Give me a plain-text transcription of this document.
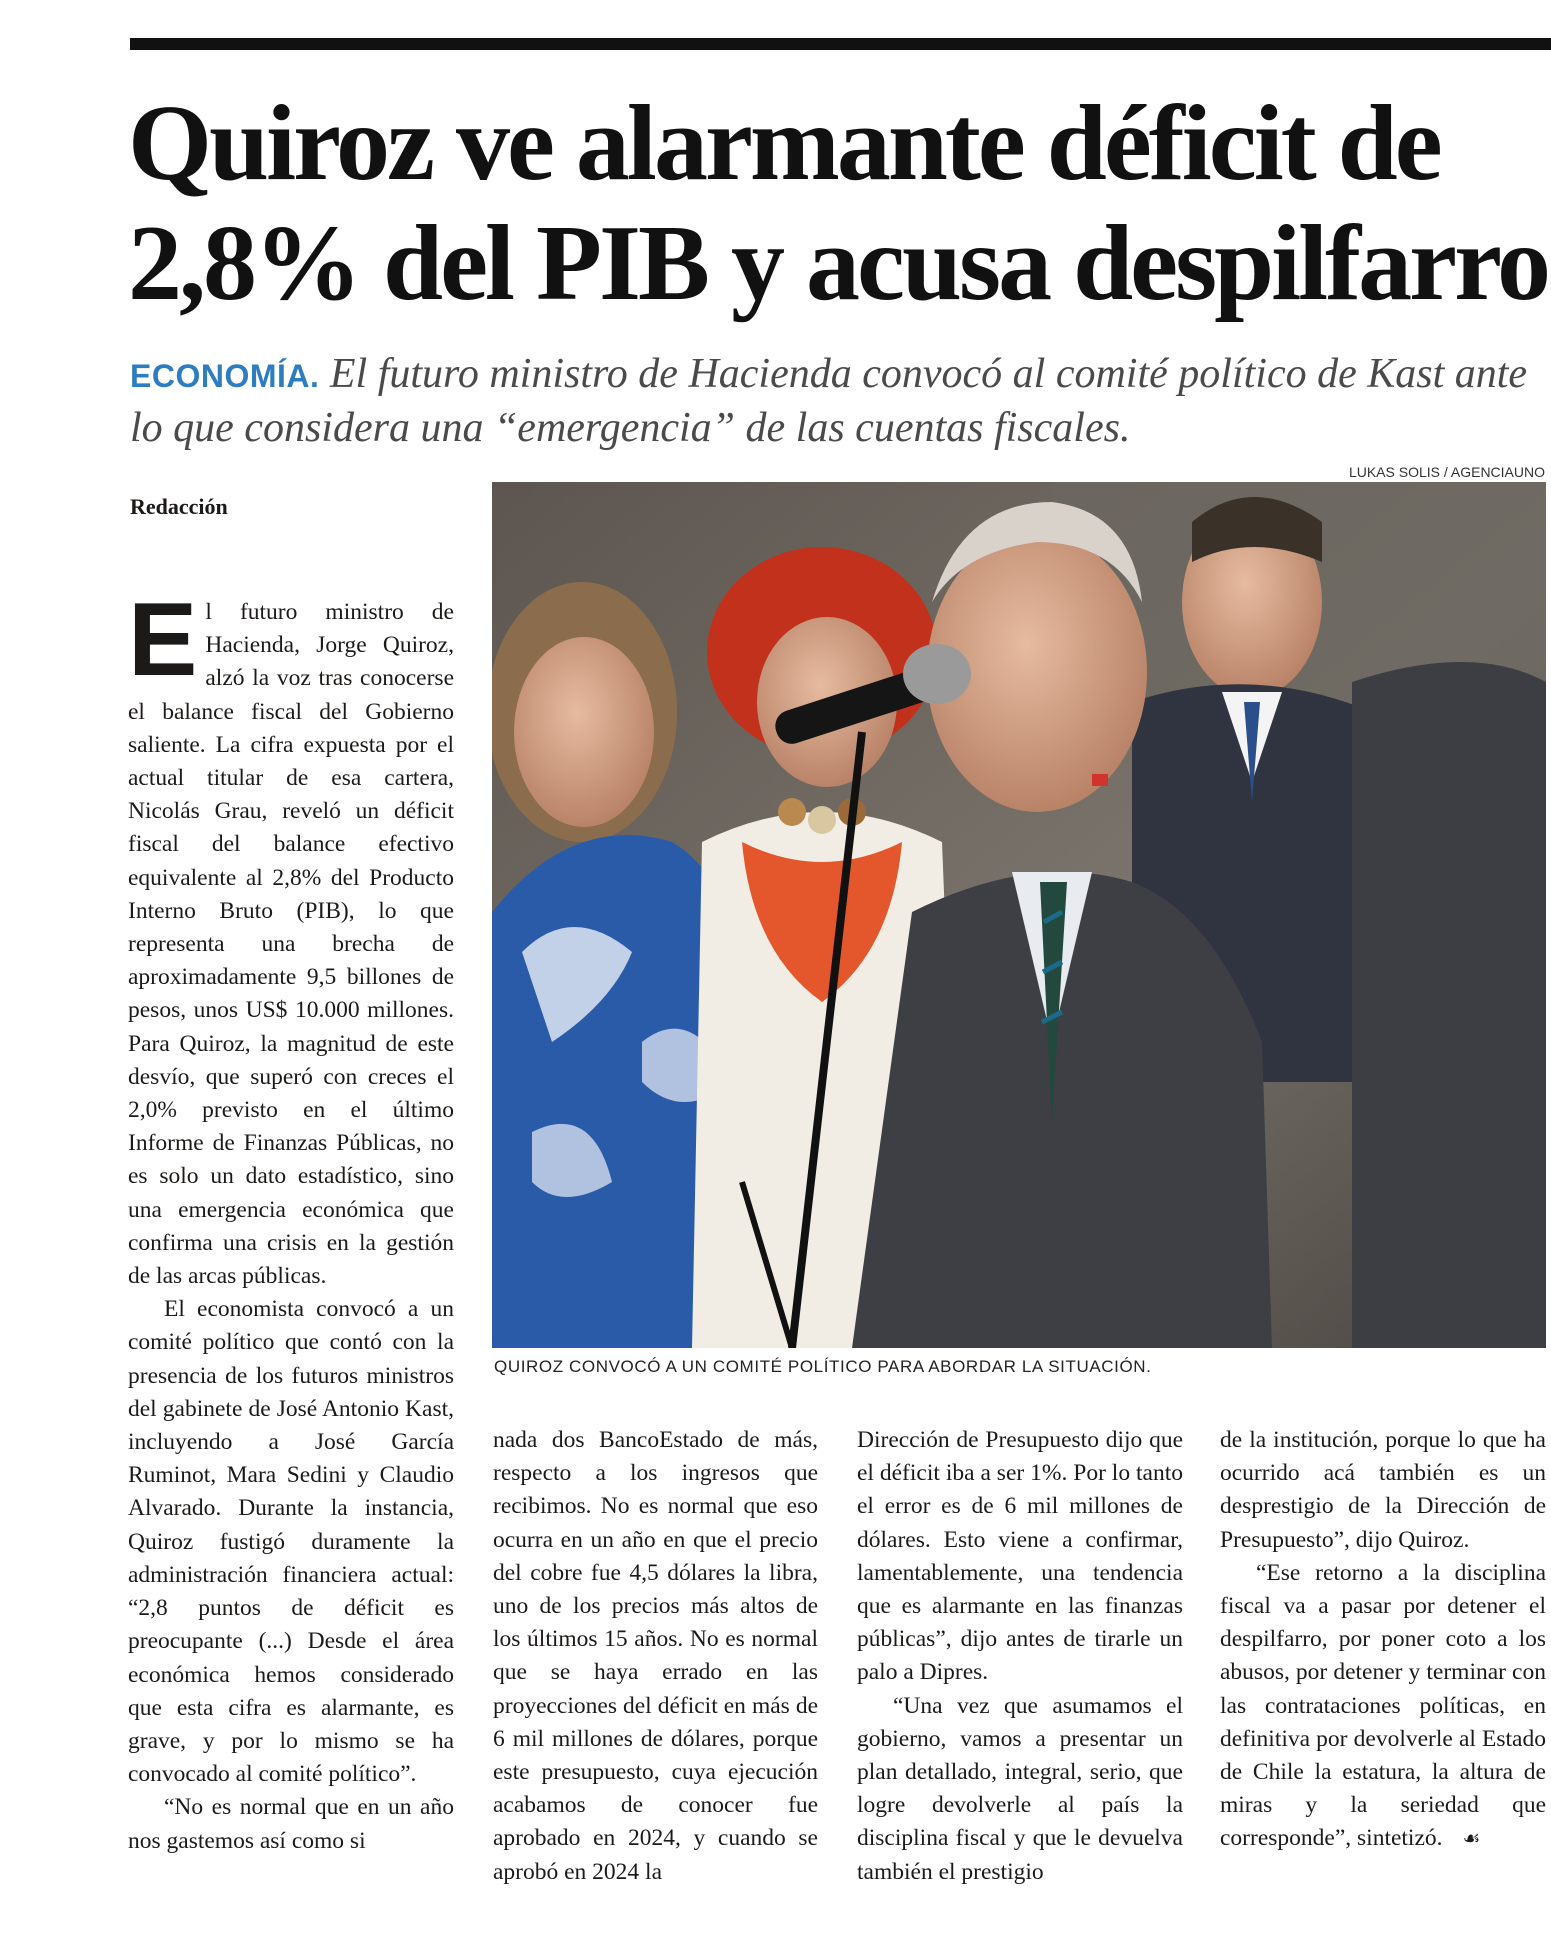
Quiroz ve alarmante déficit de
2,8% del PIB y acusa despilfarro
ECONOMÍA. El futuro ministro de Hacienda convocó al comité político de Kast ante lo que considera una “emergencia” de las cuentas fiscales.
LUKAS SOLIS / AGENCIAUNO
Redacción

El futuro ministro de Hacienda, Jorge Quiroz, alzó la voz tras conocerse el balance fiscal del Gobierno saliente. La cifra expuesta por el actual titular de esa cartera, Nicolás Grau, reveló un déficit fiscal del balance efectivo equivalente al 2,8% del Producto Interno Bruto (PIB), lo que representa una brecha de aproximadamente 9,5 billones de pesos, unos US$ 10.000 millones. Para Quiroz, la magnitud de este desvío, que superó con creces el 2,0% previsto en el último Informe de Finanzas Públicas, no es solo un dato estadístico, sino una emergencia económica que confirma una crisis en la gestión de las arcas públicas.

El economista convocó a un comité político que contó con la presencia de los futuros ministros del gabinete de José Antonio Kast, incluyendo a José García Ruminot, Mara Sedini y Claudio Alvarado. Durante la instancia, Quiroz fustigó duramente la administración financiera actual: “2,8 puntos de déficit es preocupante (...) Desde el área económica hemos considerado que esta cifra es alarmante, es grave, y por lo mismo se ha convocado al comité político”.

“No es normal que en un año nos gastemos así como si

QUIROZ CONVOCÓ A UN COMITÉ POLÍTICO PARA ABORDAR LA SITUACIÓN.

nada dos BancoEstado de más, respecto a los ingresos que recibimos. No es normal que eso ocurra en un año en que el precio del cobre fue 4,5 dólares la libra, uno de los precios más altos de los últimos 15 años. No es normal que se haya errado en las proyecciones del déficit en más de 6 mil millones de dólares, porque este presupuesto, cuya ejecución acabamos de conocer fue aprobado en 2024, y cuando se aprobó en 2024 la

Dirección de Presupuesto dijo que el déficit iba a ser 1%. Por lo tanto el error es de 6 mil millones de dólares. Esto viene a confirmar, lamentablemente, una tendencia que es alarmante en las finanzas públicas”, dijo antes de tirarle un palo a Dipres.

“Una vez que asumamos el gobierno, vamos a presentar un plan detallado, integral, serio, que logre devolverle al país la disciplina fiscal y que le devuelva también el prestigio

de la institución, porque lo que ha ocurrido acá también es un desprestigio de la Dirección de Presupuesto”, dijo Quiroz.

“Ese retorno a la disciplina fiscal va a pasar por detener el despilfarro, por poner coto a los abusos, por detener y terminar con las contrataciones políticas, en definitiva por devolverle al Estado de Chile la estatura, la altura de miras y la seriedad que corresponde”, sintetizó. ☙
